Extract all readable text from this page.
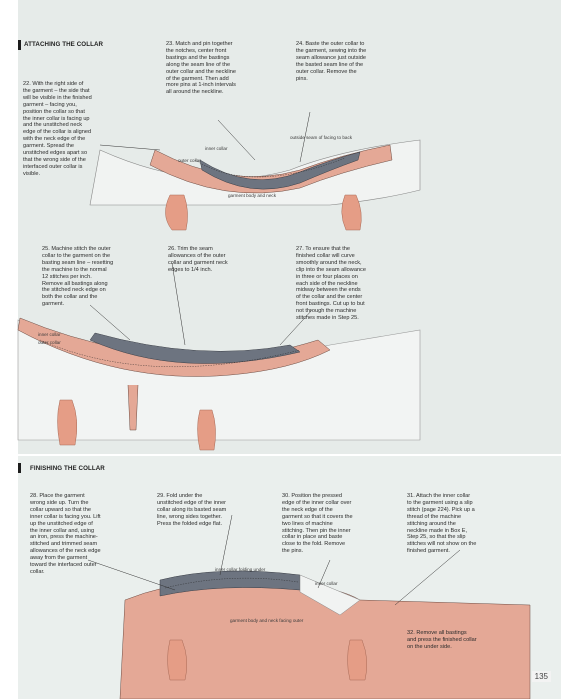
outside seam of facing to back
inner collar
outer collar
garment body and neck
inner collar
outer collar
inner collar folding under
inner collar
garment body and neck facing outer
ATTACHING THE COLLAR
22. With the right side of
the garment – the side that
will be visible in the finished
garment – facing you,
position the collar so that
the inner collar is facing up
and the unstitched neck
edge of the collar is aligned
with the neck edge of the
garment. Spread the
unstitched edges apart so
that the wrong side of the
interfaced outer collar is
visible.
23. Match and pin together
the notches, center front
bastings and the bastings
along the seam line of the
outer collar and the neckline
of the garment. Then add
more pins at 1-inch intervals
all around the neckline.
24. Baste the outer collar to
the garment, sewing into the
seam allowance just outside
the basted seam line of the
outer collar. Remove the
pins.
25. Machine stitch the outer
collar to the garment on the
basting seam line – resetting
the machine to the normal
12 stitches per inch.
Remove all bastings along
the stitched neck edge on
both the collar and the
garment.
26. Trim the seam
allowances of the outer
collar and garment neck
edges to 1/4 inch.
27. To ensure that the
finished collar will curve
smoothly around the neck,
clip into the seam allowance
in three or four places on
each side of the neckline
midway between the ends
of the collar and the center
front bastings. Cut up to but
not through the machine
stitches made in Step 25.
FINISHING THE COLLAR
28. Place the garment
wrong side up. Turn the
collar upward so that the
inner collar is facing you. Lift
up the unstitched edge of
the inner collar and, using
an iron, press the machine-
stitched and trimmed seam
allowances of the neck edge
away from the garment
toward the interfaced outer
collar.
29. Fold under the
unstitched edge of the inner
collar along its basted seam
line, wrong sides together.
Press the folded edge flat.
30. Position the pressed
edge of the inner collar over
the neck edge of the
garment so that it covers the
two lines of machine
stitching. Then pin the inner
collar in place and baste
close to the fold. Remove
the pins.
31. Attach the inner collar
to the garment using a slip
stitch (page 224). Pick up a
thread of the machine
stitching around the
neckline made in Box E,
Step 25, so that the slip
stitches will not show on the
finished garment.
32. Remove all bastings
and press the finished collar
on the under side.
135
